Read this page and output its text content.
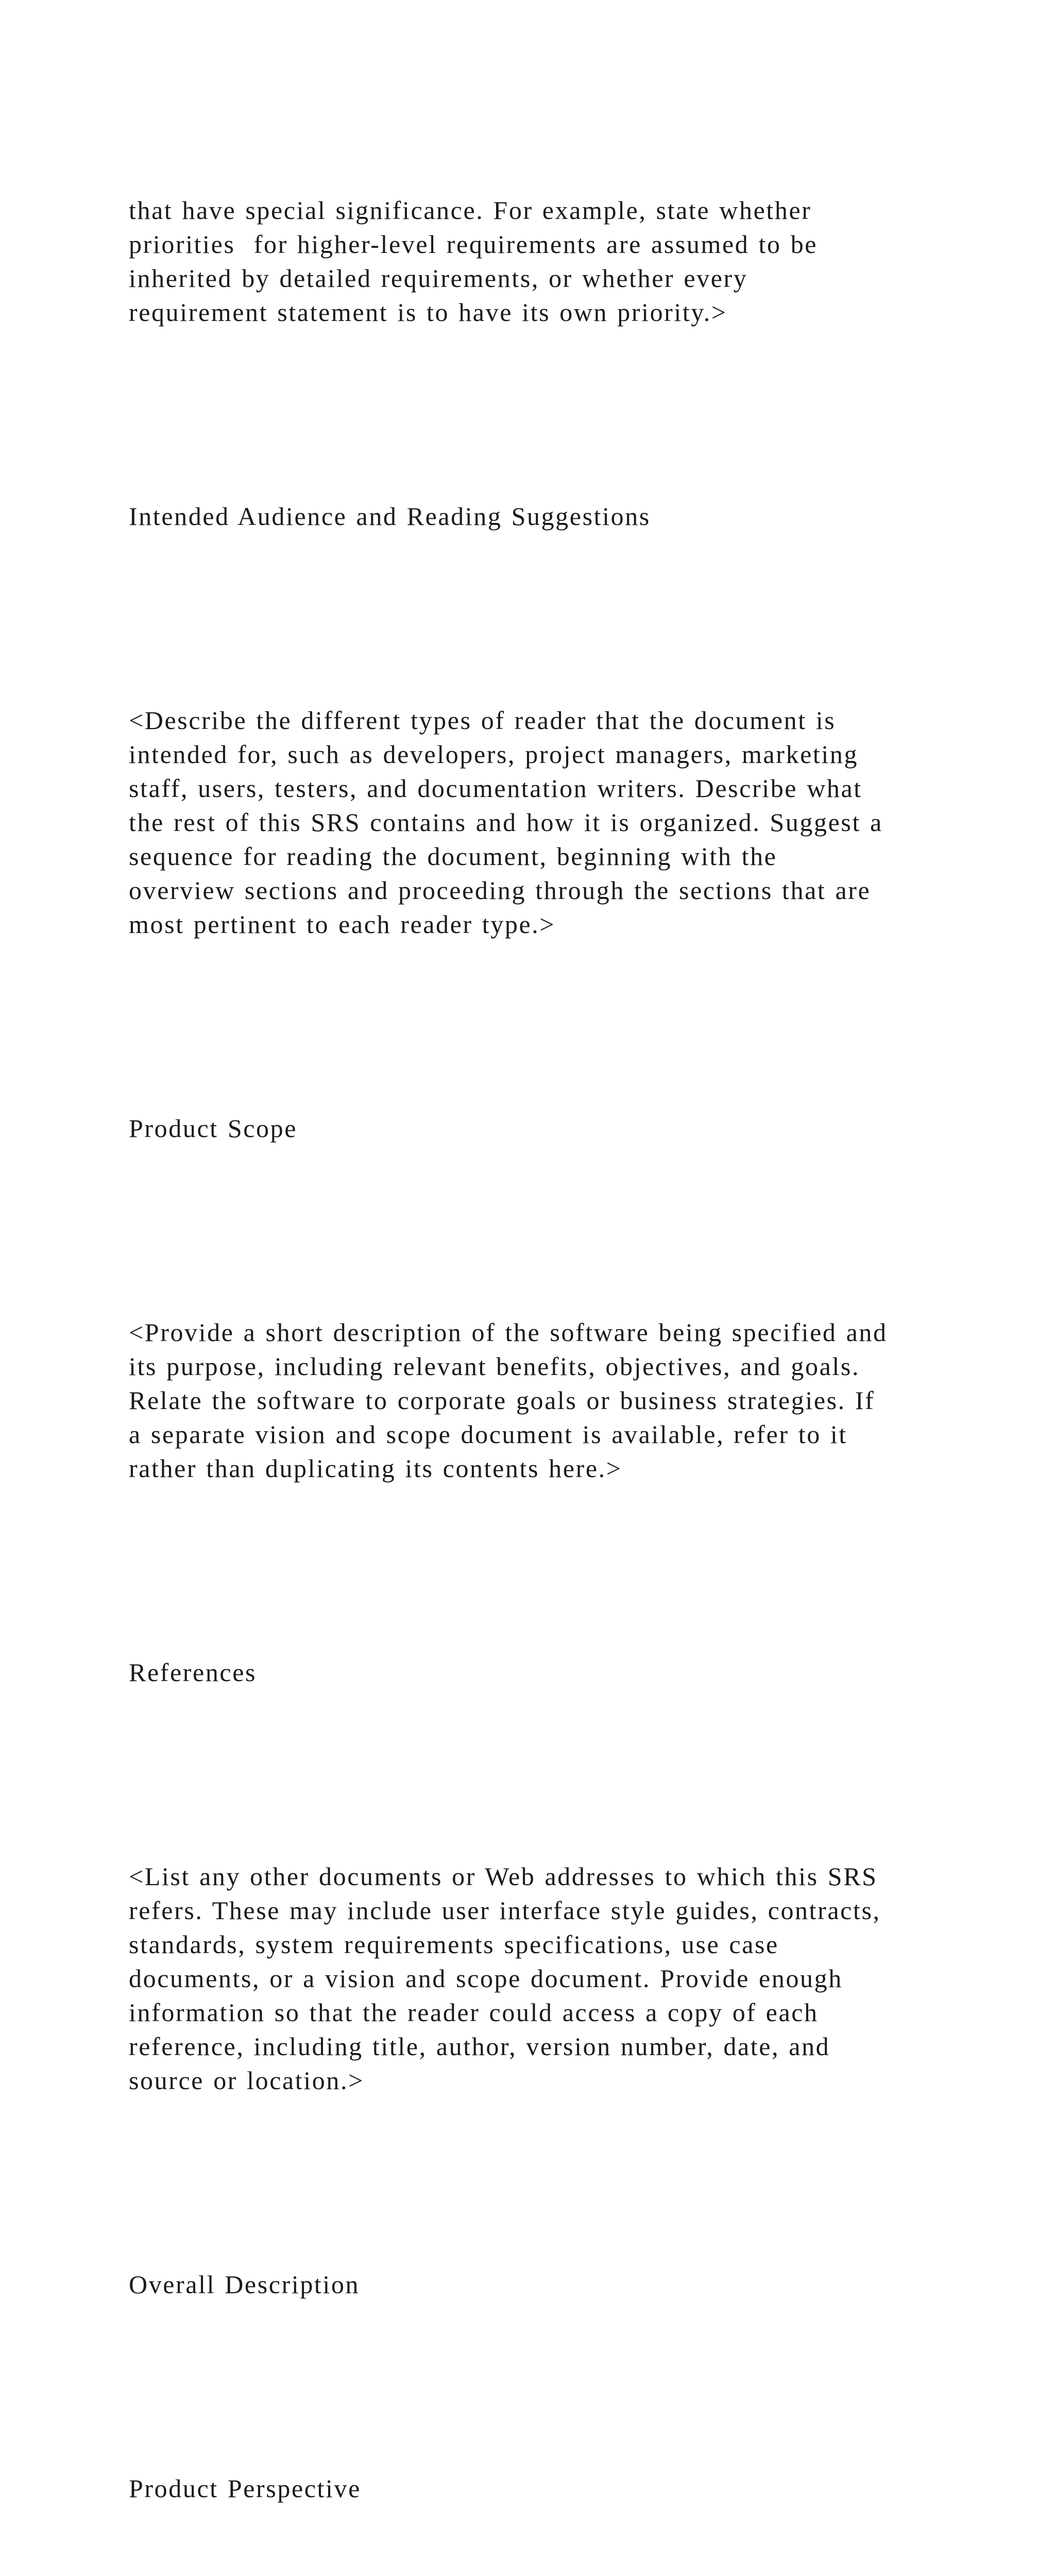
that have special significance. For example, state whether
priorities  for higher-level requirements are assumed to be
inherited by detailed requirements, or whether every
requirement statement is to have its own priority.>

Intended Audience and Reading Suggestions

<Describe the different types of reader that the document is
intended for, such as developers, project managers, marketing
staff, users, testers, and documentation writers. Describe what
the rest of this SRS contains and how it is organized. Suggest a
sequence for reading the document, beginning with the
overview sections and proceeding through the sections that are
most pertinent to each reader type.>

Product Scope

<Provide a short description of the software being specified and
its purpose, including relevant benefits, objectives, and goals.
Relate the software to corporate goals or business strategies. If
a separate vision and scope document is available, refer to it
rather than duplicating its contents here.>

References

<List any other documents or Web addresses to which this SRS
refers. These may include user interface style guides, contracts,
standards, system requirements specifications, use case
documents, or a vision and scope document. Provide enough
information so that the reader could access a copy of each
reference, including title, author, version number, date, and
source or location.>

Overall Description

Product Perspective
